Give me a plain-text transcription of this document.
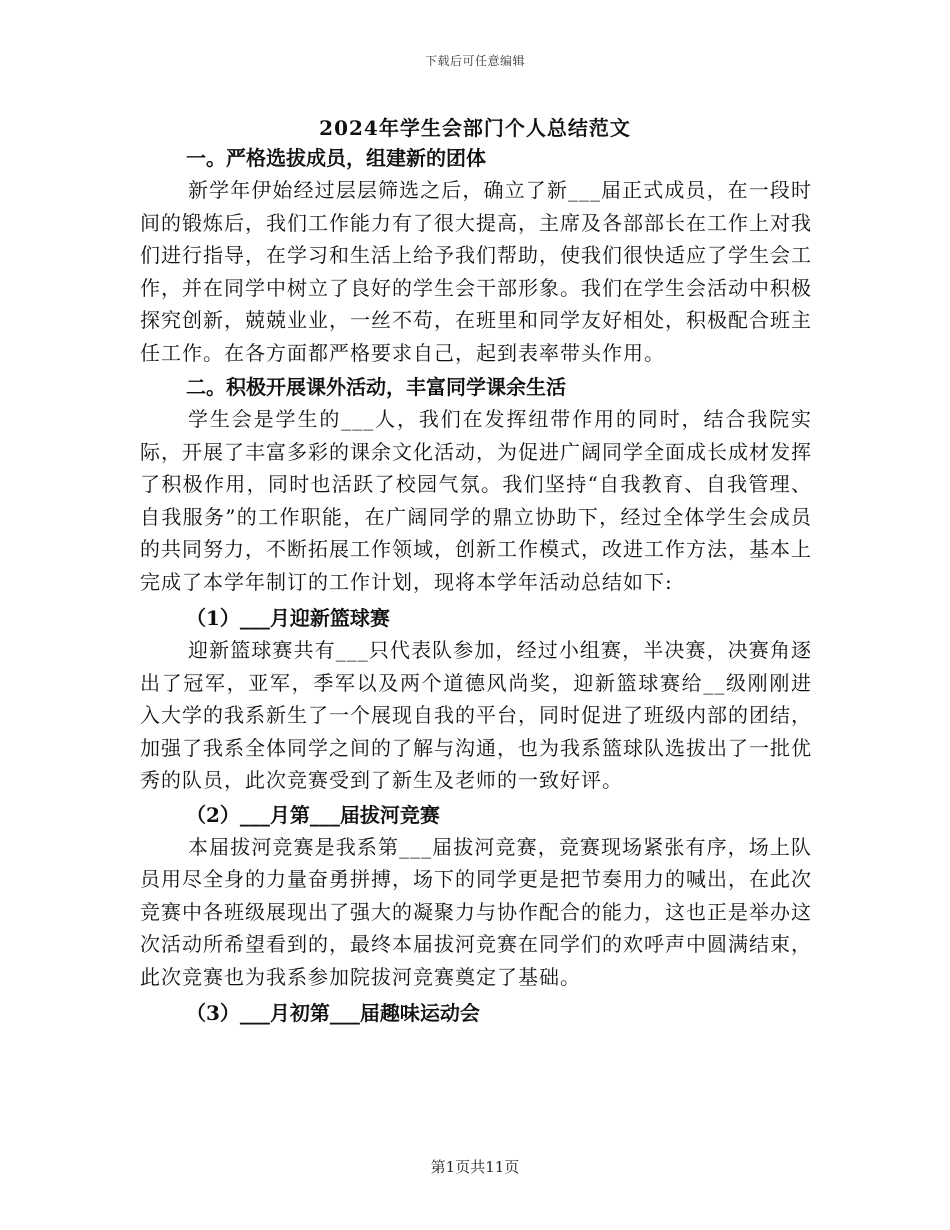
下载后可任意编辑
2024年学生会部门个人总结范文
一。严格选拔成员，组建新的团体
新学年伊始经过层层筛选之后，确立了新___届正式成员，在一段时间的锻炼后，我们工作能力有了很大提高，主席及各部部长在工作上对我们进行指导，在学习和生活上给予我们帮助，使我们很快适应了学生会工作，并在同学中树立了良好的学生会干部形象。我们在学生会活动中积极探究创新，兢兢业业，一丝不苟，在班里和同学友好相处，积极配合班主任工作。在各方面都严格要求自己，起到表率带头作用。
二。积极开展课外活动，丰富同学课余生活
学生会是学生的___人，我们在发挥纽带作用的同时，结合我院实际，开展了丰富多彩的课余文化活动，为促进广阔同学全面成长成材发挥了积极作用，同时也活跃了校园气氛。我们坚持“自我教育、自我管理、自我服务”的工作职能，在广阔同学的鼎立协助下，经过全体学生会成员的共同努力，不断拓展工作领域，创新工作模式，改进工作方法，基本上完成了本学年制订的工作计划，现将本学年活动总结如下:
（1）___月迎新篮球赛
迎新篮球赛共有___只代表队参加，经过小组赛，半决赛，决赛角逐出了冠军，亚军，季军以及两个道德风尚奖，迎新篮球赛给__级刚刚进入大学的我系新生了一个展现自我的平台，同时促进了班级内部的团结，加强了我系全体同学之间的了解与沟通，也为我系篮球队选拔出了一批优秀的队员，此次竞赛受到了新生及老师的一致好评。
（2）___月第___届拔河竞赛
本届拔河竞赛是我系第___届拔河竞赛，竞赛现场紧张有序，场上队员用尽全身的力量奋勇拼搏，场下的同学更是把节奏用力的喊出，在此次竞赛中各班级展现出了强大的凝聚力与协作配合的能力，这也正是举办这次活动所希望看到的，最终本届拔河竞赛在同学们的欢呼声中圆满结束，此次竞赛也为我系参加院拔河竞赛奠定了基础。
（3）___月初第___届趣味运动会
第1页共11页
